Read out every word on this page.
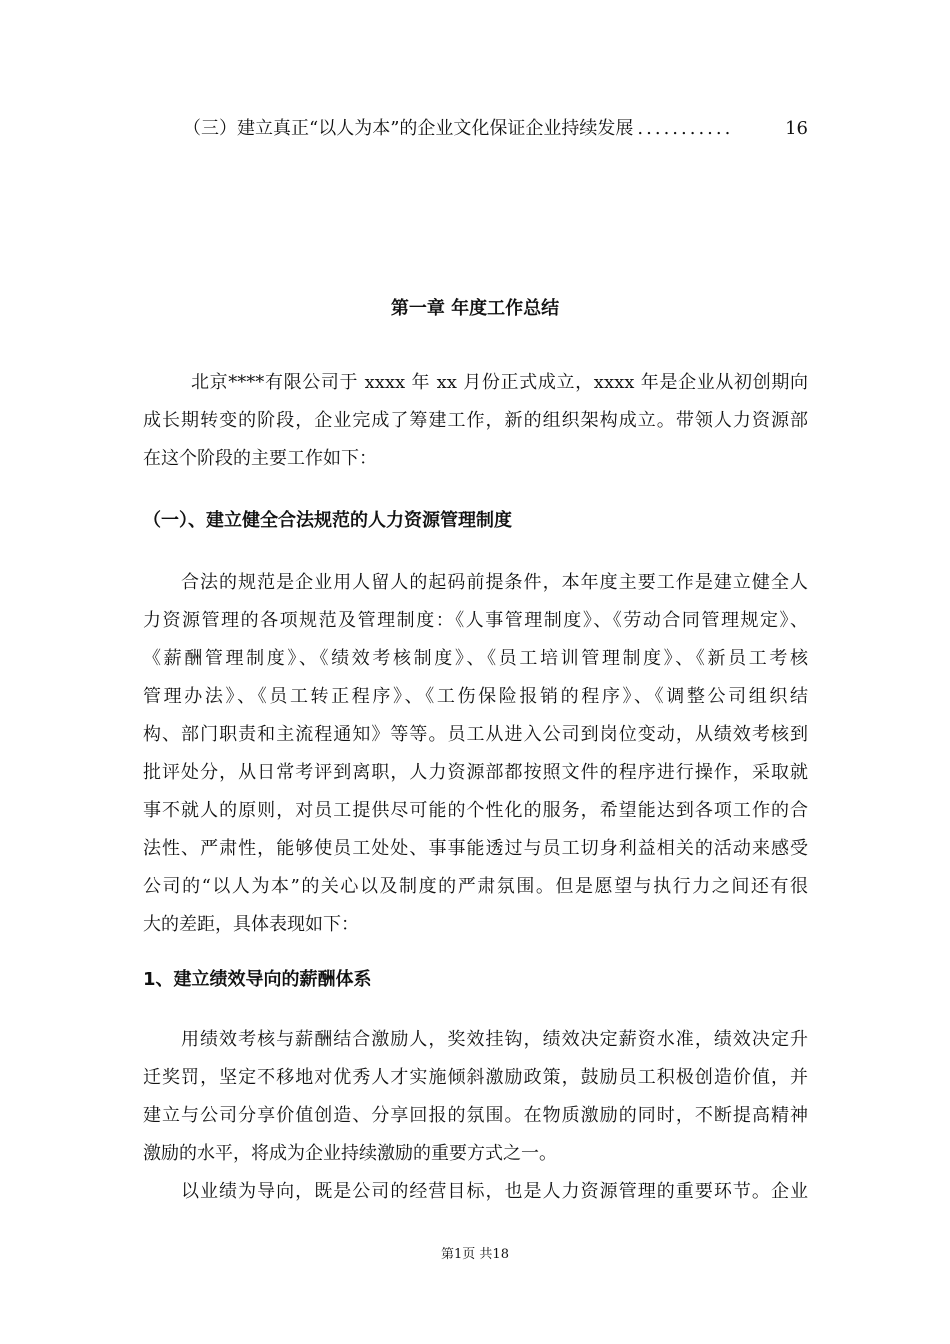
（三）建立真正“以人为本”的企业文化保证企业持续发展 ...........	16
第一章 年度工作总结
北京****有限公司于 xxxx 年 xx 月份正式成立，xxxx 年是企业从初创期向
成长期转变的阶段，企业完成了筹建工作，新的组织架构成立。带领人力资源部
在这个阶段的主要工作如下：
（一）、建立健全合法规范的人力资源管理制度
合法的规范是企业用人留人的起码前提条件，本年度主要工作是建立健全人
力资源管理的各项规范及管理制度：《人事管理制度》、《劳动合同管理规定》、
《薪酬管理制度》、《绩效考核制度》、《员工培训管理制度》、《新员工考核
管理办法》、《员工转正程序》、《工伤保险报销的程序》、《调整公司组织结
构、部门职责和主流程通知》等等。员工从进入公司到岗位变动，从绩效考核到
批评处分，从日常考评到离职，人力资源部都按照文件的程序进行操作，采取就
事不就人的原则，对员工提供尽可能的个性化的服务，希望能达到各项工作的合
法性、严肃性，能够使员工处处、事事能透过与员工切身利益相关的活动来感受
公司的“以人为本”的关心以及制度的严肃氛围。但是愿望与执行力之间还有很
大的差距，具体表现如下：
1、建立绩效导向的薪酬体系
用绩效考核与薪酬结合激励人，奖效挂钩，绩效决定薪资水准，绩效决定升
迁奖罚，坚定不移地对优秀人才实施倾斜激励政策，鼓励员工积极创造价值，并
建立与公司分享价值创造、分享回报的氛围。在物质激励的同时，不断提高精神
激励的水平，将成为企业持续激励的重要方式之一。
以业绩为导向，既是公司的经营目标，也是人力资源管理的重要环节。企业
第1页 共18
